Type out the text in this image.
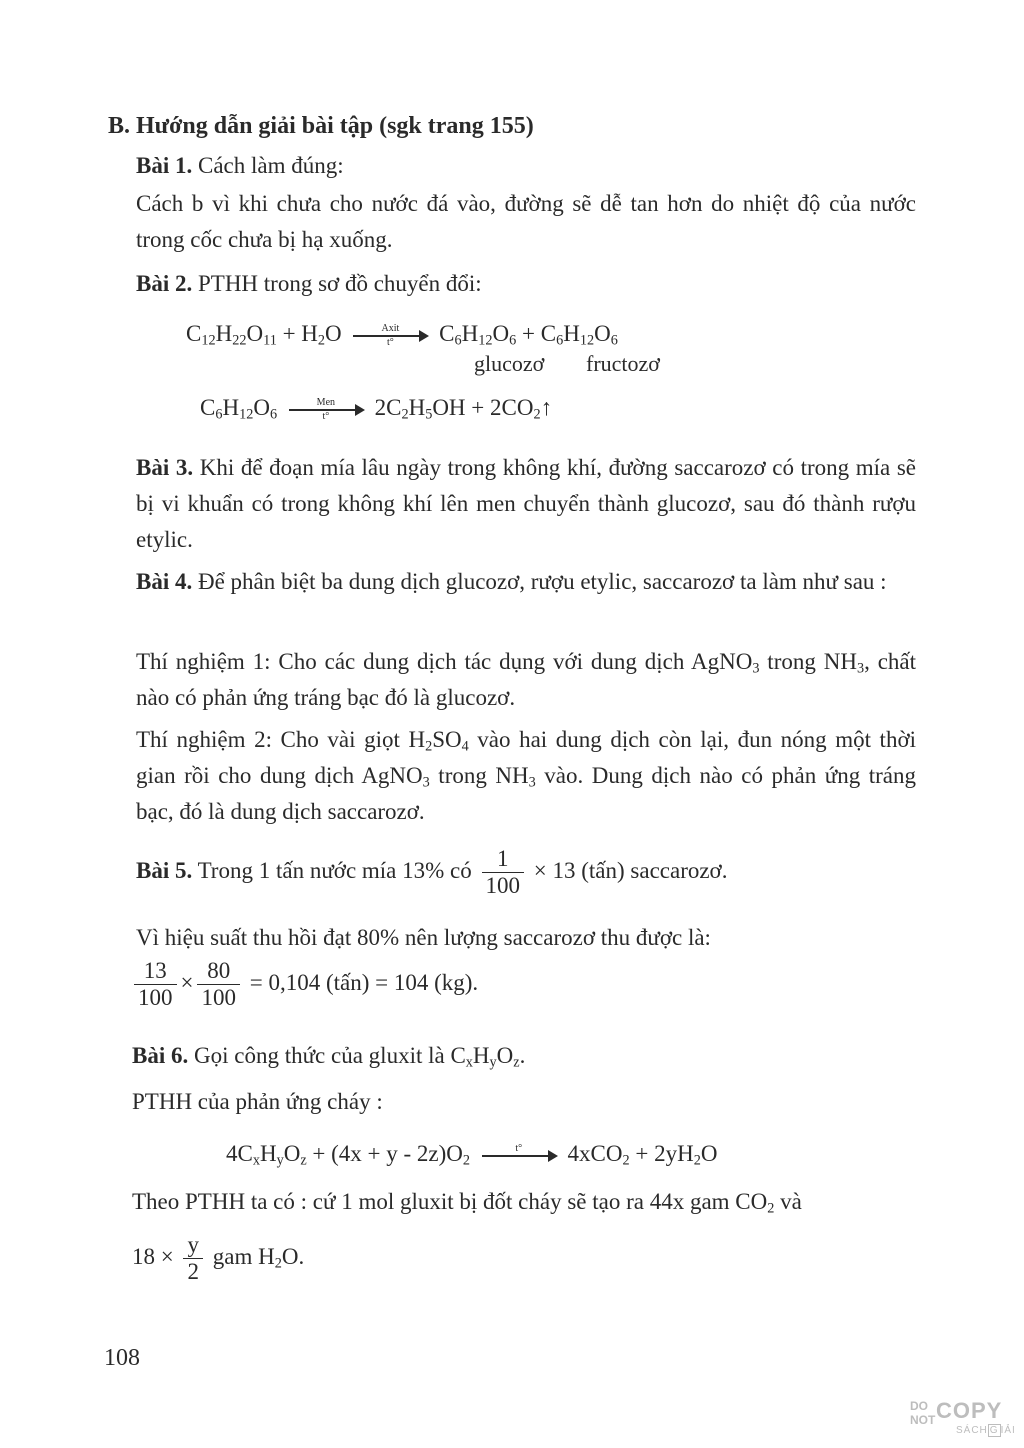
B. Hướng dẫn giải bài tập (sgk trang 155)
Bài 1. Cách làm đúng:
Cách b vì khi chưa cho nước đá vào, đường sẽ dễ tan hơn do nhiệt độ của nước trong cốc chưa bị hạ xuống.
Bài 2. PTHH trong sơ đồ chuyển đổi:
$C_{12}H_{22}O_{11} + H_2O$	Axit
t° $C_6H_{12}O_6 + C_6H_{12}O_6$
glucozơ fructozơ
$C_6H_{12}O_6$
Men
t° $2C_2H_5OH$ + $2CO_2↑$
Bài 3. Khi để đoạn mía lâu ngày trong không khí, đường saccarozơ có trong mía sẽ bị vi khuẩn có trong không khí lên men chuyển thành glucozơ, sau đó thành rượu etylic.
Bài 4. Để phân biệt ba dung dịch glucozơ, rượu etylic, saccarozơ ta làm như sau :
Thí nghiệm 1: Cho các dung dịch tác dụng với dung dịch AgNO$_3$ trong $NH_3$, chất nào có phản ứng tráng bạc đó là glucozơ.
Thí nghiệm 2: Cho vài giọt $H_2SO_4$ vào hai dung dịch còn lại, đun nóng một thời gian rồi cho dung dịch AgNO$_3$ trong $NH_3$ vào. Dung dịch nào có phản ứng tráng bạc, đó là dung dịch saccarozơ.
Bài 5. Trong 1 tấn nước mía 13% có $\frac{1}{100} \times 13$ (tấn) saccarozơ.
Vì hiệu suất thu hồi đạt 80% nên lượng saccarozơ thu được là:
$\frac{13}{100} \times \frac{80}{100} = 0,104$ (tấn) = 104 (kg).
Bài 6. Gọi công thức của gluxit là $C_xH_yO_z$.
PTHH của phản ứng cháy :
$4C_xH_yO_z + (4x + y - 2z)O_2$
t°
$4xCO_2 + 2yH_2O$
Theo PTHH ta có : cứ 1 mol gluxit bị đốt cháy sẽ tạo ra 44x gam $CO_2$ và
$18 \times \frac{y}{2}$ gam $H_2O$.
108
DO
NOT COPY
SÁCH G IẢI
